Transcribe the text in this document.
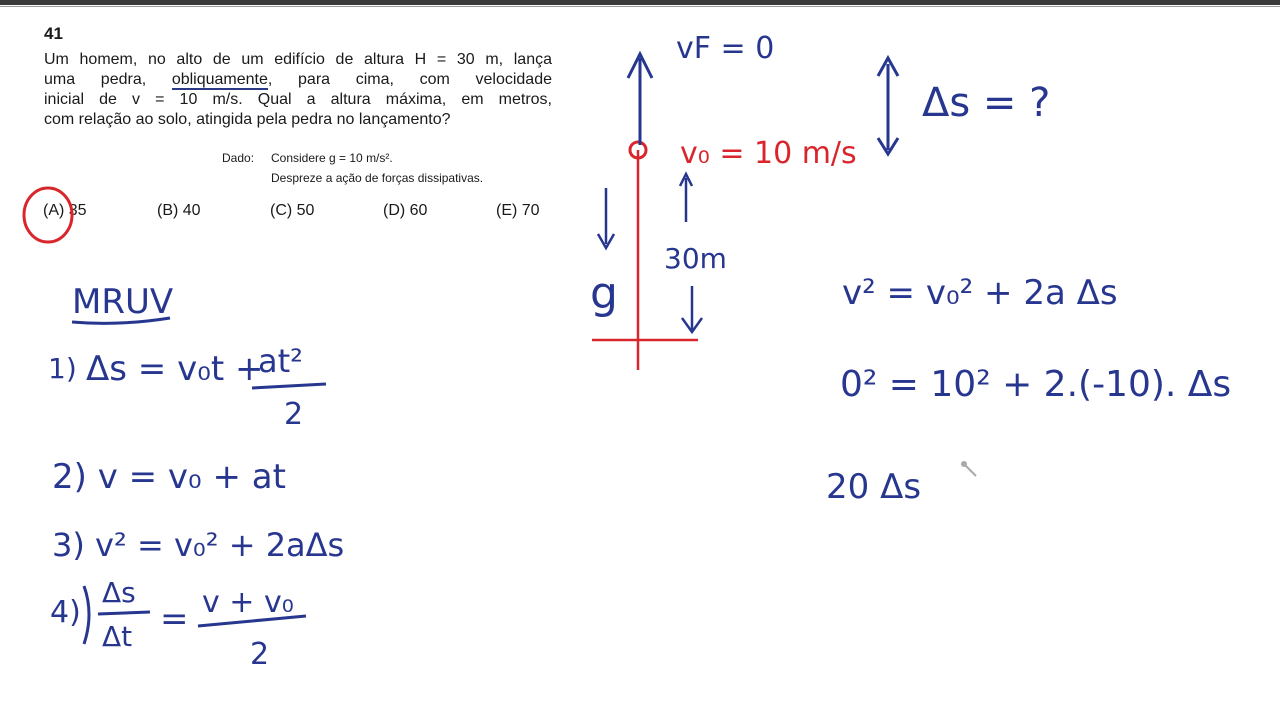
41
Um homem, no alto de um edifício de altura H = 30 m, lança
uma pedra, obliquamente, para cima, com velocidade
inicial de v = 10 m/s. Qual a altura máxima, em metros,
com relação ao solo, atingida pela pedra no lançamento?
Dado: Considere g = 10 m/s².
Despreze a ação de forças dissipativas.
(A) 35	(B) 40	(C) 50	(D) 60	(E) 70
MRUV
1) Δs = v₀t +
at²
2
2) v = v₀ + at
3) v² = v₀² + 2aΔs
4)
Δs
Δt = v + v₀
2
v₀ = 10 m/s
vF = 0
30m
g
Δs = ?
v² = v₀² + 2a Δs
0² = 10² + 2.(-10). Δs
20 Δs
